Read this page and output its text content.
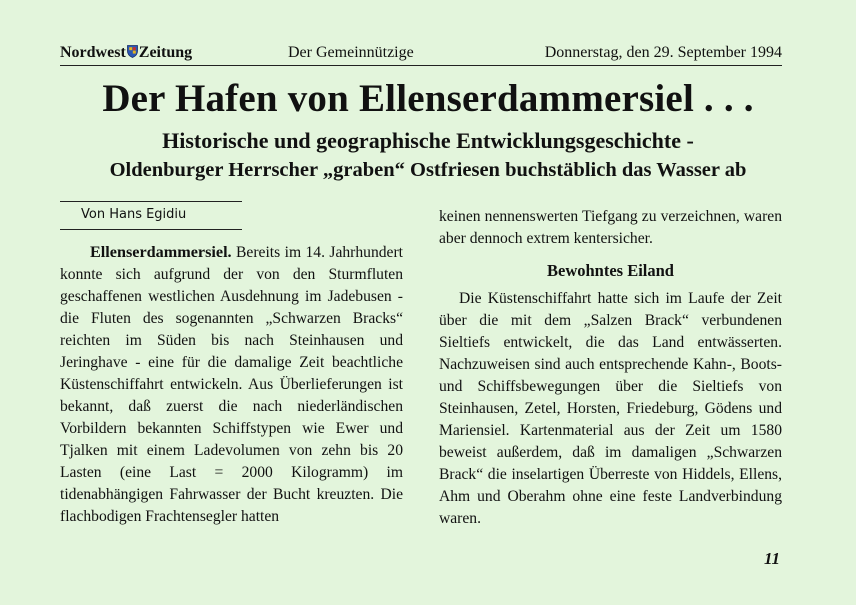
Nordwest Zeitung	Der Gemeinnützige	Donnerstag, den 29. September 1994
Der Hafen von Ellenserdammersiel . . .
Historische und geographische Entwicklungsgeschichte -
Oldenburger Herrscher „graben“ Ostfriesen buchstäblich das Wasser ab
Von Hans Egidiu

Ellenserdammersiel. Bereits im 14. Jahrhundert konnte sich aufgrund der von den Sturmfluten geschaffenen westlichen Ausdehnung im Jadebusen - die Fluten des sogenannten „Schwarzen Bracks“ reichten im Süden bis nach Steinhausen und Jeringhave - eine für die damalige Zeit beachtliche Küstenschiffahrt entwickeln. Aus Überlieferungen ist bekannt, daß zuerst die nach niederländischen Vorbildern bekannten Schiffstypen wie Ewer und Tjalken mit einem Ladevolumen von zehn bis 20 Lasten (eine Last = 2000 Kilogramm) im tidenabhängigen Fahrwasser der Bucht kreuzten. Die flachbodigen Frachtensegler hatten

keinen nennenswerten Tiefgang zu verzeichnen, waren aber dennoch extrem kentersicher.

Bewohntes Eiland

Die Küstenschiffahrt hatte sich im Laufe der Zeit über die mit dem „Salzen Brack“ verbundenen Sieltiefs entwickelt, die das Land entwässerten. Nachzuweisen sind auch entsprechende Kahn-, Boots- und Schiffsbewegungen über die Sieltiefs von Steinhausen, Zetel, Horsten, Friedeburg, Gödens und Mariensiel. Kartenmaterial aus der Zeit um 1580 beweist außerdem, daß im damaligen „Schwarzen Brack“ die inselartigen Überreste von Hiddels, Ellens, Ahm und Oberahm ohne eine feste Landverbindung waren.

11
